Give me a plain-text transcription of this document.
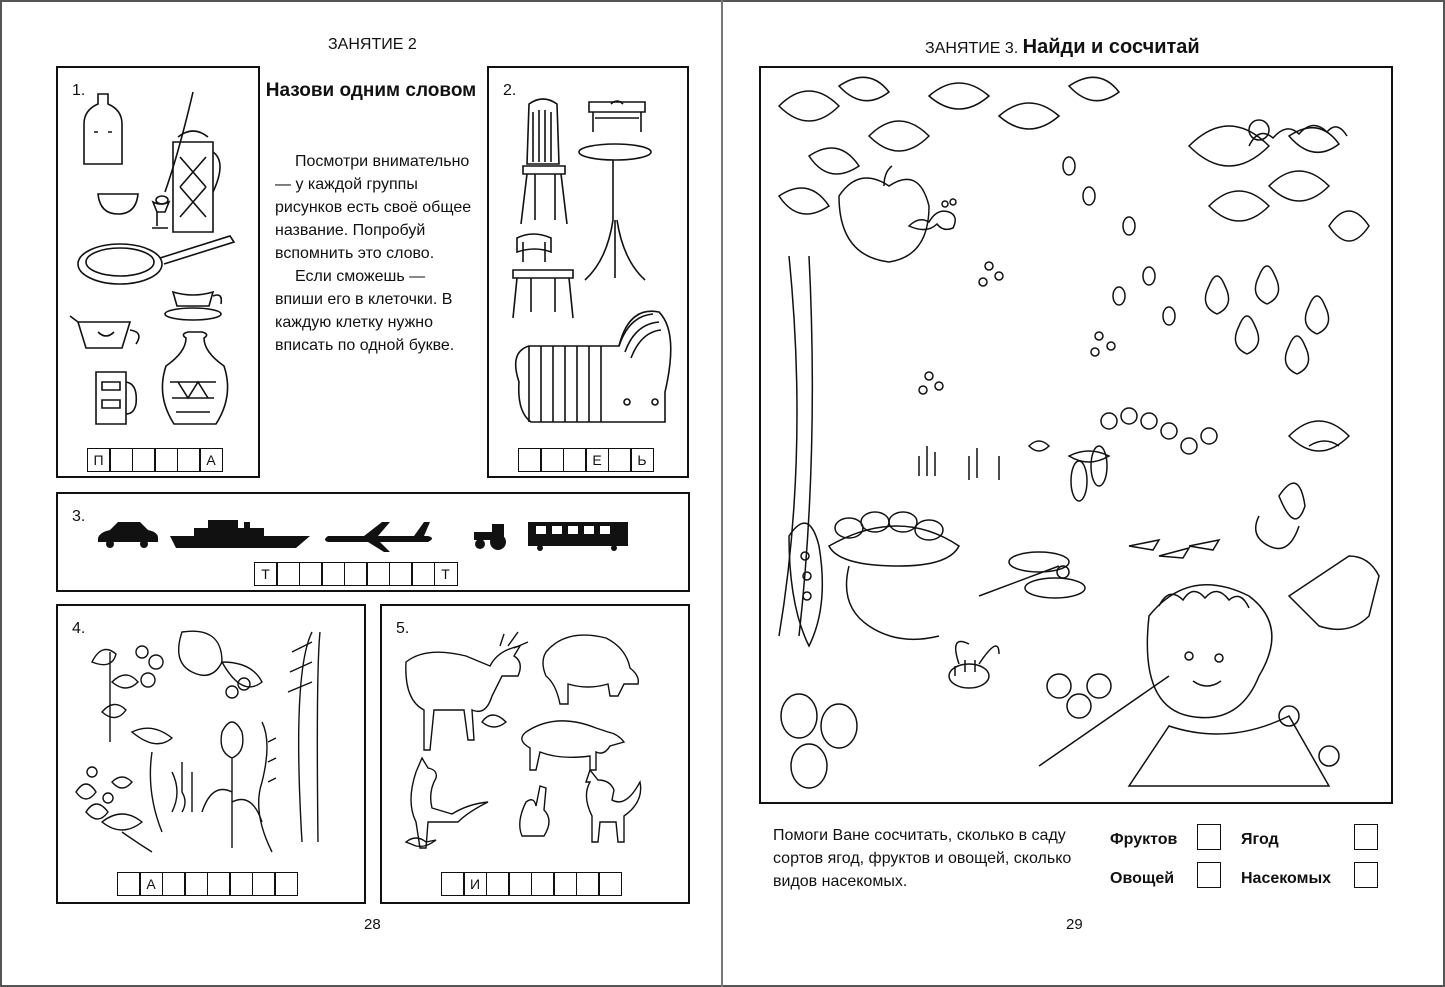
ЗАНЯТИЕ 2
1.
П	А
Назови одним словом

Посмотри внимательно — у каждой группы рисунков есть своё общее название. Попробуй вспомнить это слово.

Если сможешь — впиши его в клеточки. В каждую клетку нужно вписать по одной букве.

2.
Е	Ь
3.
Т	Т
4.
А
5.
И
28
ЗАНЯТИЕ 3. Найди и сосчитай
Помоги Ване сосчитать, сколько в саду сортов ягод, фруктов и овощей, сколько видов насекомых.
Фруктов	Ягод
Овощей	Насекомых
29
